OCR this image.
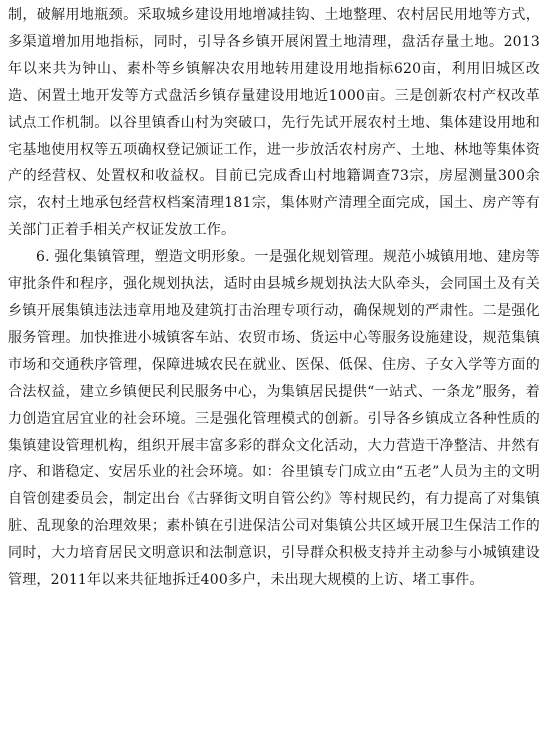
制，破解用地瓶颈。采取城乡建设用地增减挂钩、土地整理、农村居民用地等方式，多渠道增加用地指标，同时，引导各乡镇开展闲置土地清理，盘活存量土地。2013年以来共为钟山、素朴等乡镇解决农用地转用建设用地指标620亩，利用旧城区改造、闲置土地开发等方式盘活乡镇存量建设用地近1000亩。三是创新农村产权改革试点工作机制。以谷里镇香山村为突破口，先行先试开展农村土地、集体建设用地和宅基地使用权等五项确权登记颁证工作，进一步放活农村房产、土地、林地等集体资产的经营权、处置权和收益权。目前已完成香山村地籍调查73宗，房屋测量300余宗，农村土地承包经营权档案清理181宗，集体财产清理全面完成，国土、房产等有关部门正着手相关产权证发放工作。

6. 强化集镇管理，塑造文明形象。一是强化规划管理。规范小城镇用地、建房等审批条件和程序，强化规划执法，适时由县城乡规划执法大队牵头，会同国土及有关乡镇开展集镇违法违章用地及建筑打击治理专项行动，确保规划的严肃性。二是强化服务管理。加快推进小城镇客车站、农贸市场、货运中心等服务设施建设，规范集镇市场和交通秩序管理，保障进城农民在就业、医保、低保、住房、子女入学等方面的合法权益，建立乡镇便民利民服务中心，为集镇居民提供“一站式、一条龙”服务，着力创造宜居宜业的社会环境。三是强化管理模式的创新。引导各乡镇成立各种性质的集镇建设管理机构，组织开展丰富多彩的群众文化活动，大力营造干净整洁、井然有序、和谐稳定、安居乐业的社会环境。如：谷里镇专门成立由“五老”人员为主的文明自管创建委员会，制定出台《古驿街文明自管公约》等村规民约，有力提高了对集镇脏、乱现象的治理效果；素朴镇在引进保洁公司对集镇公共区域开展卫生保洁工作的同时，大力培育居民文明意识和法制意识，引导群众积极支持并主动参与小城镇建设管理，2011年以来共征地拆迁400多户，未出现大规模的上访、堵工事件。
